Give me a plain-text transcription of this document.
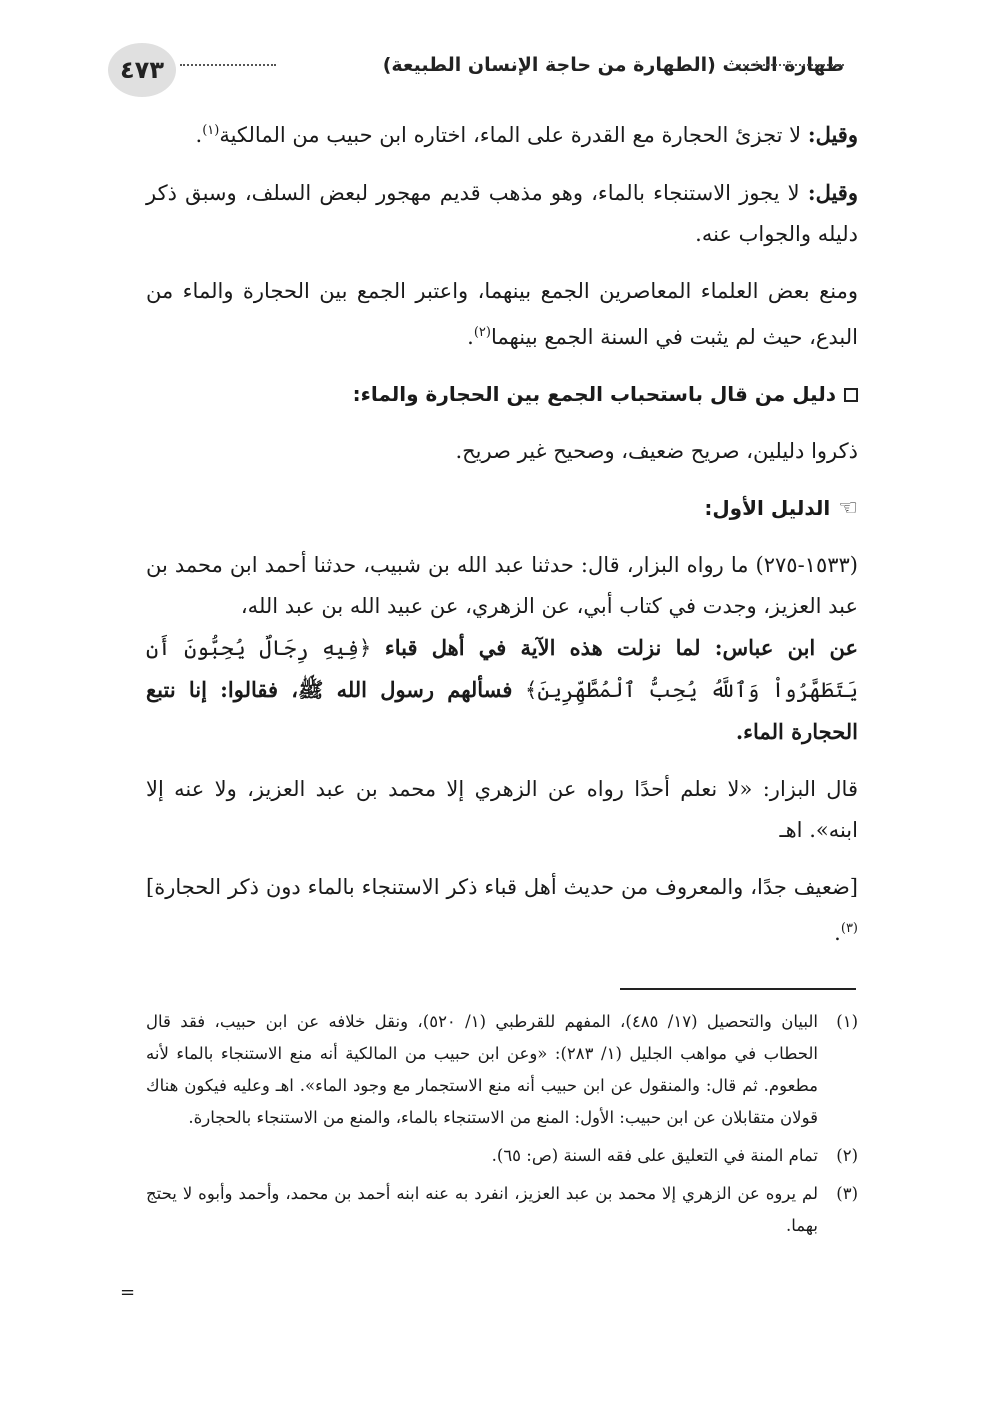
٤٧٣	طهارة الخبث (الطهارة من حاجة الإنسان الطبيعة)

وقيل: لا تجزئ الحجارة مع القدرة على الماء، اختاره ابن حبيب من المالكية$^{(١)}$.

وقيل: لا يجوز الاستنجاء بالماء، وهو مذهب قديم مهجور لبعض السلف، وسبق ذكر دليله والجواب عنه.

ومنع بعض العلماء المعاصرين الجمع بينهما، واعتبر الجمع بين الحجارة والماء من البدع، حيث لم يثبت في السنة الجمع بينهما$^{(٢)}$.

دليل من قال باستحباب الجمع بين الحجارة والماء:

ذكروا دليلين، صريح ضعيف، وصحيح غير صريح.

☜
الدليل الأول:

(١٥٣٣-٢٧٥) ما رواه البزار، قال: حدثنا عبد الله بن شبيب، حدثنا أحمد ابن محمد بن عبد العزيز، وجدت في كتاب أبي، عن الزهري، عن عبيد الله بن عبد الله،

عن ابن عباس: لما نزلت هذه الآية في أهل قباء ﴿فِيهِ رِجَالٌ يُحِبُّونَ أَن يَتَطَهَّرُواْ وَٱللَّهُ يُحِبُّ ٱلْمُطَّهِّرِينَ﴾ فسألهم رسول الله ﷺ، فقالوا: إنا نتبع الحجارة الماء.

قال البزار: «لا نعلم أحدًا رواه عن الزهري إلا محمد بن عبد العزيز، ولا عنه إلا ابنه». اهـ

[ضعيف جدًا، والمعروف من حديث أهل قباء ذكر الاستنجاء بالماء دون ذكر الحجارة]$^{(٣)}$.

(١)
البيان والتحصيل (١٧/ ٤٨٥)، المفهم للقرطبي (١/ ٥٢٠)، ونقل خلافه عن ابن حبيب، فقد قال الحطاب في مواهب الجليل (١/ ٢٨٣): «وعن ابن حبيب من المالكية أنه منع الاستنجاء بالماء لأنه مطعوم. ثم قال: والمنقول عن ابن حبيب أنه منع الاستجمار مع وجود الماء». اهـ وعليه فيكون هناك قولان متقابلان عن ابن حبيب: الأول: المنع من الاستنجاء بالماء، والمنع من الاستنجاء بالحجارة.
(٢)
تمام المنة في التعليق على فقه السنة (ص: ٦٥).
(٣)
لم يروه عن الزهري إلا محمد بن عبد العزيز، انفرد به عنه ابنه أحمد بن محمد، وأحمد وأبوه لا يحتج بهما.
=
